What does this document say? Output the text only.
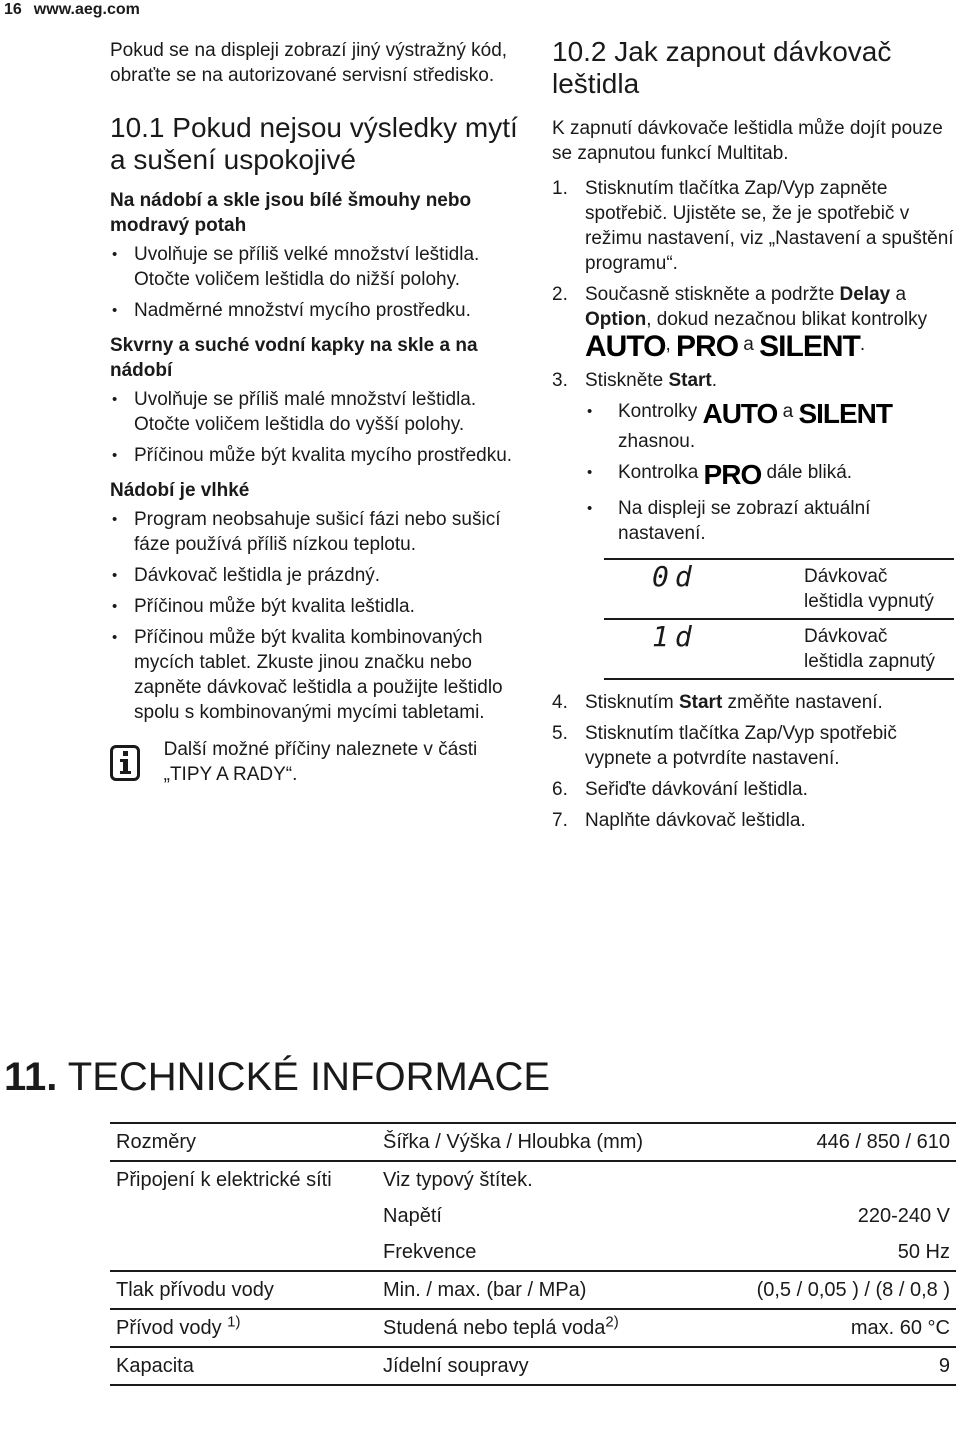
16 www.aeg.com

Pokud se na displeji zobrazí jiný výstražný kód, obraťte se na autorizované servisní středisko.

10.1 Pokud nejsou výsledky mytí a sušení uspokojivé

Na nádobí a skle jsou bílé šmouhy nebo modravý potah

• Uvolňuje se příliš velké množství leštidla. Otočte voličem leštidla do nižší polohy.
• Nadměrné množství mycího prostředku.

Skvrny a suché vodní kapky na skle a na nádobí

• Uvolňuje se příliš malé množství leštidla. Otočte voličem leštidla do vyšší polohy.
• Příčinou může být kvalita mycího prostředku.

Nádobí je vlhké

• Program neobsahuje sušicí fázi nebo sušicí fáze používá příliš nízkou teplotu.
• Dávkovač leštidla je prázdný.
• Příčinou může být kvalita leštidla.
• Příčinou může být kvalita kombinovaných mycích tablet. Zkuste jinou značku nebo zapněte dávkovač leštidla a použijte leštidlo spolu s kombinovanými mycími tabletami.

Další možné příčiny naleznete v části „TIPY A RADY“.

10.2 Jak zapnout dávkovač leštidla

K zapnutí dávkovače leštidla může dojít pouze se zapnutou funkcí Multitab.

1. Stisknutím tlačítka Zap/Vyp zapněte spotřebič. Ujistěte se, že je spotřebič v režimu nastavení, viz „Nastavení a spuštění programu“.
2. Současně stiskněte a podržte Delay a Option, dokud nezačnou blikat kontrolky AUTO, PRO a SILENT.
3. Stiskněte Start.
• Kontrolky AUTO a SILENT zhasnou.
• Kontrolka PRO dále bliká.
• Na displeji se zobrazí aktuální nastavení.
0d	Dávkovač leštidla vypnutý
1d	Dávkovač leštidla zapnutý
4. Stisknutím Start změňte nastavení.
5. Stisknutím tlačítka Zap/Vyp spotřebič vypnete a potvrdíte nastavení.
6. Seřiďte dávkování leštidla.
7. Naplňte dávkovač leštidla.
11. TECHNICKÉ INFORMACE
Rozměry	Šířka / Výška / Hloubka (mm)	446 / 850 / 610
Připojení k elektrické síti	Viz typový štítek.	
	Napětí	220-240 V
	Frekvence	50 Hz
Tlak přívodu vody	Min. / max. (bar / MPa)	(0,5 / 0,05 ) / (8 / 0,8 )
Přívod vody $^{1)}$	Studená nebo teplá voda$^{2)}$	max. 60 °C
Kapacita	Jídelní soupravy	9
